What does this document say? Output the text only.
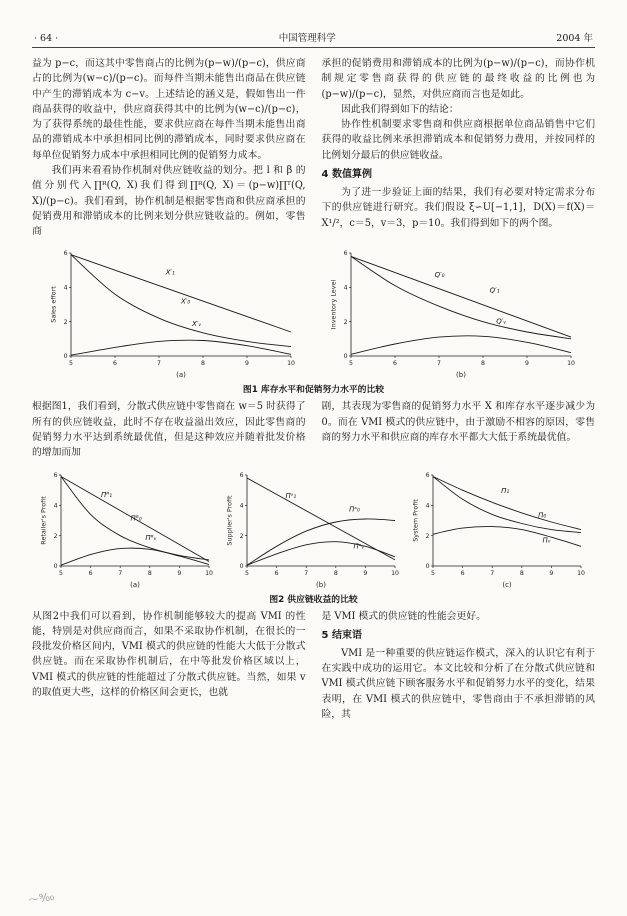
· 64 ·	中国管理科学	2004 年

益为 p−c，而这其中零售商占的比例为(p−w)/(p−c)，供应商占的比例为(w−c)/(p−c)。而每件当期未能售出商品在供应链中产生的滞销成本为 c−v。上述结论的涵义是，假如售出一件商品获得的收益中，供应商获得其中的比例为(w−c)/(p−c)，为了获得系统的最佳性能，要求供应商在每件当期未能售出商品的滞销成本中承担相同比例的滞销成本，同时要求供应商在每单位促销努力成本中承担相同比例的促销努力成本。

我们再来看看协作机制对供应链收益的划分。把 l 和 β 的值分别代入∏ᴿ(Q, X)我们得到∏ᴿ(Q, X)＝(p−w)∏ᵀ(Q, X)/(p−c)。我们看到，协作机制是根据零售商和供应商承担的促销费用和滞销成本的比例来划分供应链收益的。例如，零售商

承担的促销费用和滞销成本的比例为(p−w)/(p−c)，而协作机制规定零售商获得的供应链的最终收益的比例也为(p−w)/(p−c)，显然，对供应商而言也是如此。

因此我们得到如下的结论：

协作性机制要求零售商和供应商根据单位商品销售中它们获得的收益比例来承担滞销成本和促销努力费用，并按同样的比例划分最后的供应链收益。

4 数值算例

为了进一步验证上面的结果，我们有必要对特定需求分布下的供应链进行研究。我们假设 ξ∽U[−1,1]，D(X)＝f(X)＝X¹/²，c＝5，v＝3，p＝10。我们得到如下的两个图。

5	6	7	8	9	10
0
2
4
6
Sales effort
X′₁
X′₀
X′ᵥ
(a)
5	6	7	8	9	10
0
2
4
6
Inventory Level
Q′₀
Q′₁
Q′ᵥ
(b)
图1 库存水平和促销努力水平的比较

根据图1，我们看到，分散式供应链中零售商在 w＝5 时获得了所有的供应链收益，此时不存在收益溢出效应，因此零售商的促销努力水平达到系统最优值，但是这种效应并随着批发价格的增加而加

剧，其表现为零售商的促销努力水平 X 和库存水平逐步减少为 0。而在 VMI 模式的供应链中，由于激励不相容的原因，零售商的努力水平和供应商的库存水平都大大低于系统最优值。

5	6	7	8	9	10
0
2
4
6
Retailer's Profit
Πᴿ₁
Πᴿ₀
Πᴿᵥ
(a)
5	6	7	8	9	10
0
2
4
6
Supplier's Profit	Πˢ₁
Πˢ₀
Πˢᵥ
(b)
5	6	7	8	9	10
0
2
4
6
System Profit
Π₁
Π₀
Πᵥ
(c)
图2 供应链收益的比较

从图2中我们可以看到，协作机制能够较大的提高 VMI 的性能，特别是对供应商而言，如果不采取协作机制，在很长的一段批发价格区间内，VMI 模式的供应链的性能大大低于分散式供应链。而在采取协作机制后，在中等批发价格区域以上，VMI 模式的供应链的性能超过了分散式供应链。当然，如果 v 的取值更大些，这样的价格区间会更长，也就

是 VMI 模式的供应链的性能会更好。

5 结束语

VMI 是一种重要的供应链运作模式，深入的认识它有利于在实践中成功的运用它。本文比较和分析了在分散式供应链和 VMI 模式供应链下顾客服务水平和促销努力水平的变化，结果表明，在 VMI 模式的供应链中，零售商由于不承担滞销的风险，其

〜⁹⁄₀₀
